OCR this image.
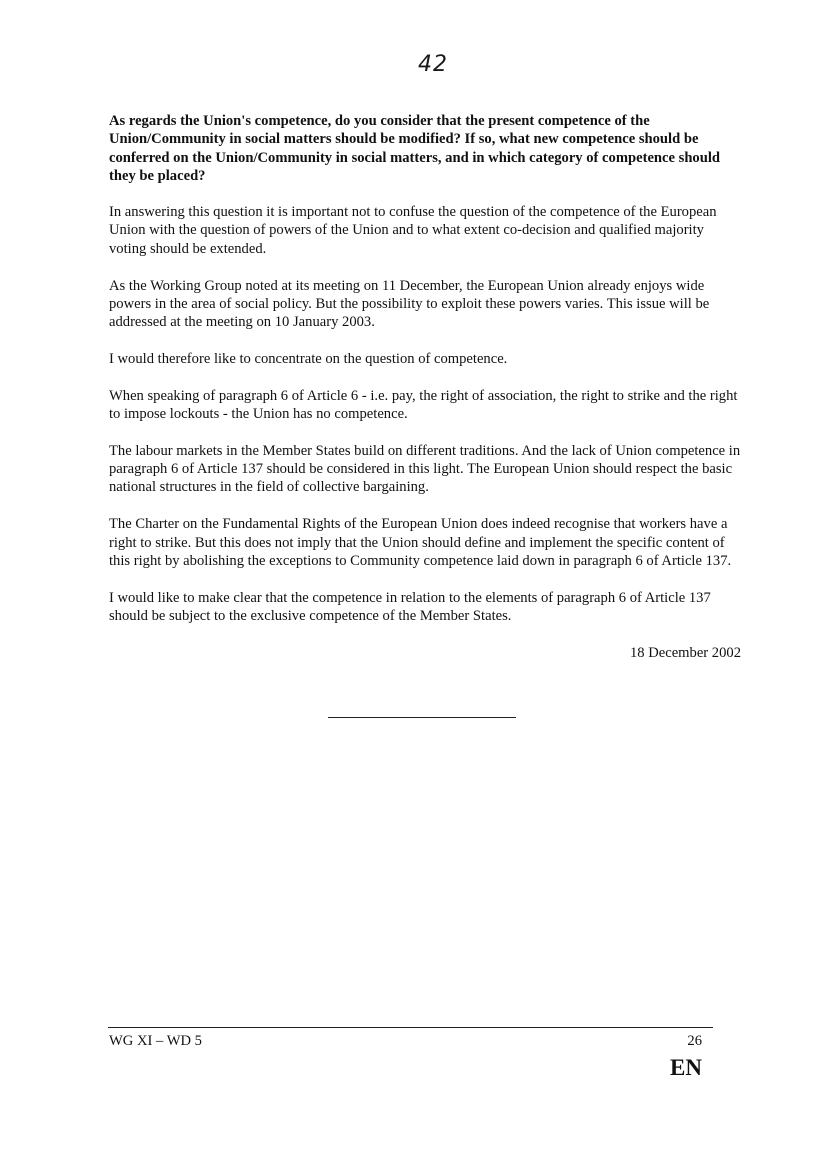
42

As regards the Union's competence, do you consider that the present competence of the Union/Community in social matters should be modified? If so, what new competence should be conferred on the Union/Community in social matters, and in which category of competence should they be placed?

In answering this question it is important not to confuse the question of the competence of the European Union with the question of powers of the Union and to what extent co-decision and qualified majority voting should be extended.

As the Working Group noted at its meeting on 11 December, the European Union already enjoys wide powers in the area of social policy. But the possibility to exploit these powers varies. This issue will be addressed at the meeting on 10 January 2003.

I would therefore like to concentrate on the question of competence.

When speaking of paragraph 6 of Article 6 - i.e. pay, the right of association, the right to strike and the right to impose lockouts - the Union has no competence.

The labour markets in the Member States build on different traditions. And the lack of Union competence in paragraph 6 of Article 137 should be considered in this light. The European Union should respect the basic national structures in the field of collective bargaining.

The Charter on the Fundamental Rights of the European Union does indeed recognise that workers have a right to strike. But this does not imply that the Union should define and implement the specific content of this right by abolishing the exceptions to Community competence laid down in paragraph 6 of Article 137.

I would like to make clear that the competence in relation to the elements of paragraph 6 of Article 137 should be subject to the exclusive competence of the Member States.

18 December 2002

WG XI – WD 5	26
EN
